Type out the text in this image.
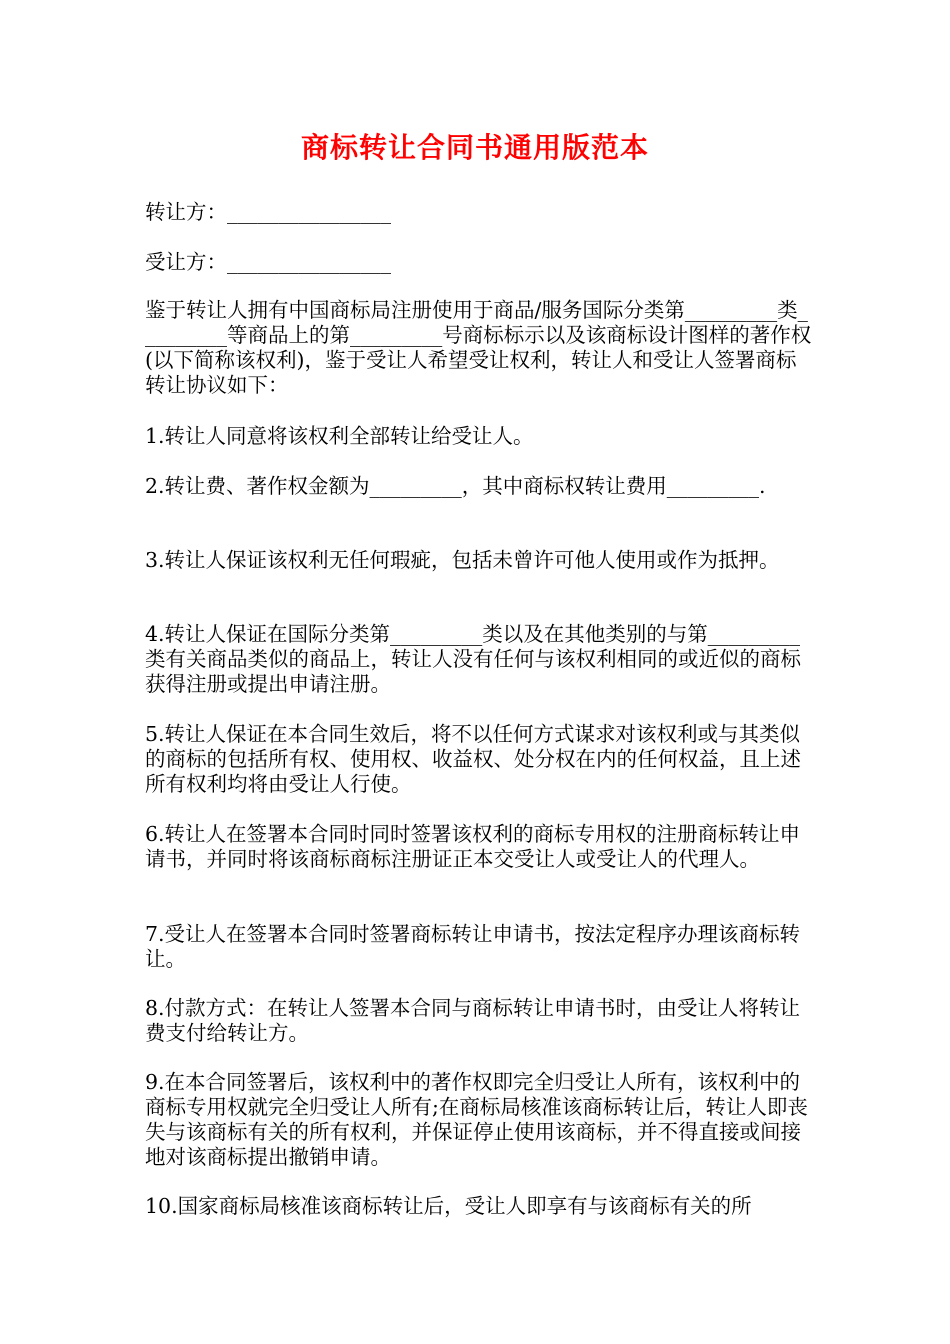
商标转让合同书通用版范本
转让方：________________
受让方：________________
鉴于转让人拥有中国商标局注册使用于商品/服务国际分类第_________类_________等商品上的第_________号商标标示以及该商标设计图样的著作权(以下简称该权利)，鉴于受让人希望受让权利，转让人和受让人签署商标转让协议如下：
1.转让人同意将该权利全部转让给受让人。
2.转让费、著作权金额为_________，其中商标权转让费用_________.
3.转让人保证该权利无任何瑕疵，包括未曾许可他人使用或作为抵押。
4.转让人保证在国际分类第_________类以及在其他类别的与第_________类有关商品类似的商品上，转让人没有任何与该权利相同的或近似的商标获得注册或提出申请注册。
5.转让人保证在本合同生效后，将不以任何方式谋求对该权利或与其类似的商标的包括所有权、使用权、收益权、处分权在内的任何权益，且上述所有权利均将由受让人行使。
6.转让人在签署本合同时同时签署该权利的商标专用权的注册商标转让申请书，并同时将该商标商标注册证正本交受让人或受让人的代理人。
7.受让人在签署本合同时签署商标转让申请书，按法定程序办理该商标转让。
8.付款方式：在转让人签署本合同与商标转让申请书时，由受让人将转让费支付给转让方。
9.在本合同签署后，该权利中的著作权即完全归受让人所有，该权利中的商标专用权就完全归受让人所有;在商标局核准该商标转让后，转让人即丧失与该商标有关的所有权利，并保证停止使用该商标，并不得直接或间接地对该商标提出撤销申请。
10.国家商标局核准该商标转让后，受让人即享有与该商标有关的所
